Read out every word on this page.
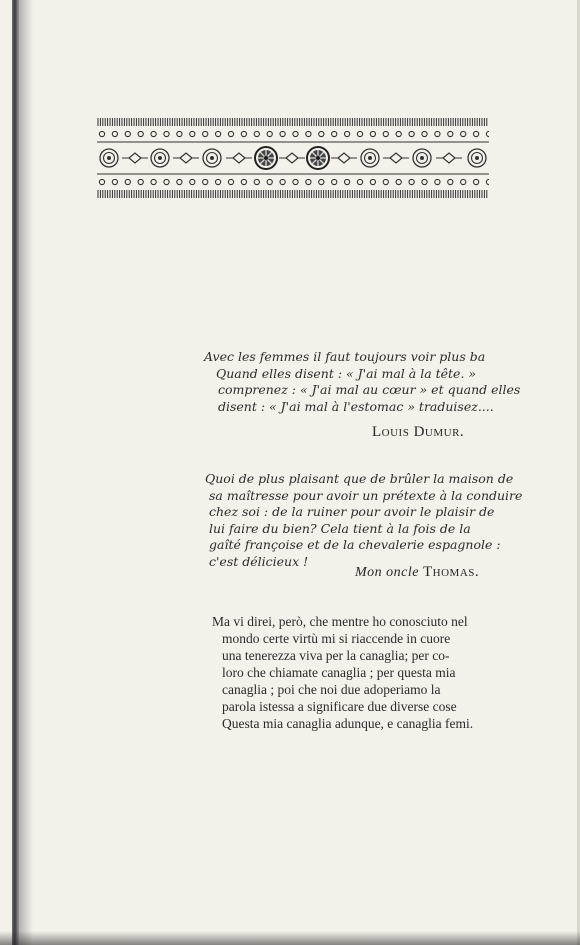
Avec les femmes il faut toujours voir plus ba
Quand elles disent : « J'ai mal à la tête. »
comprenez : « J'ai mal au cœur » et quand elles
disent : « J'ai mal à l'estomac » traduisez....
Louis Dumur.
Quoi de plus plaisant que de brûler la maison de
sa maîtresse pour avoir un prétexte à la conduire
chez soi : de la ruiner pour avoir le plaisir de
lui faire du bien? Cela tient à la fois de la
gaîté françoise et de la chevalerie espagnole :
c'est délicieux !
Mon oncle Thomas.
Ma vi direi, però, che mentre ho conosciuto nel
mondo certe virtù mi si riaccende in cuore
una tenerezza viva per la canaglia; per co-
loro che chiamate canaglia ; per questa mia
canaglia ; poi che noi due adoperiamo la
parola istessa a significare due diverse cose
Questa mia canaglia adunque, e canaglia femi.
